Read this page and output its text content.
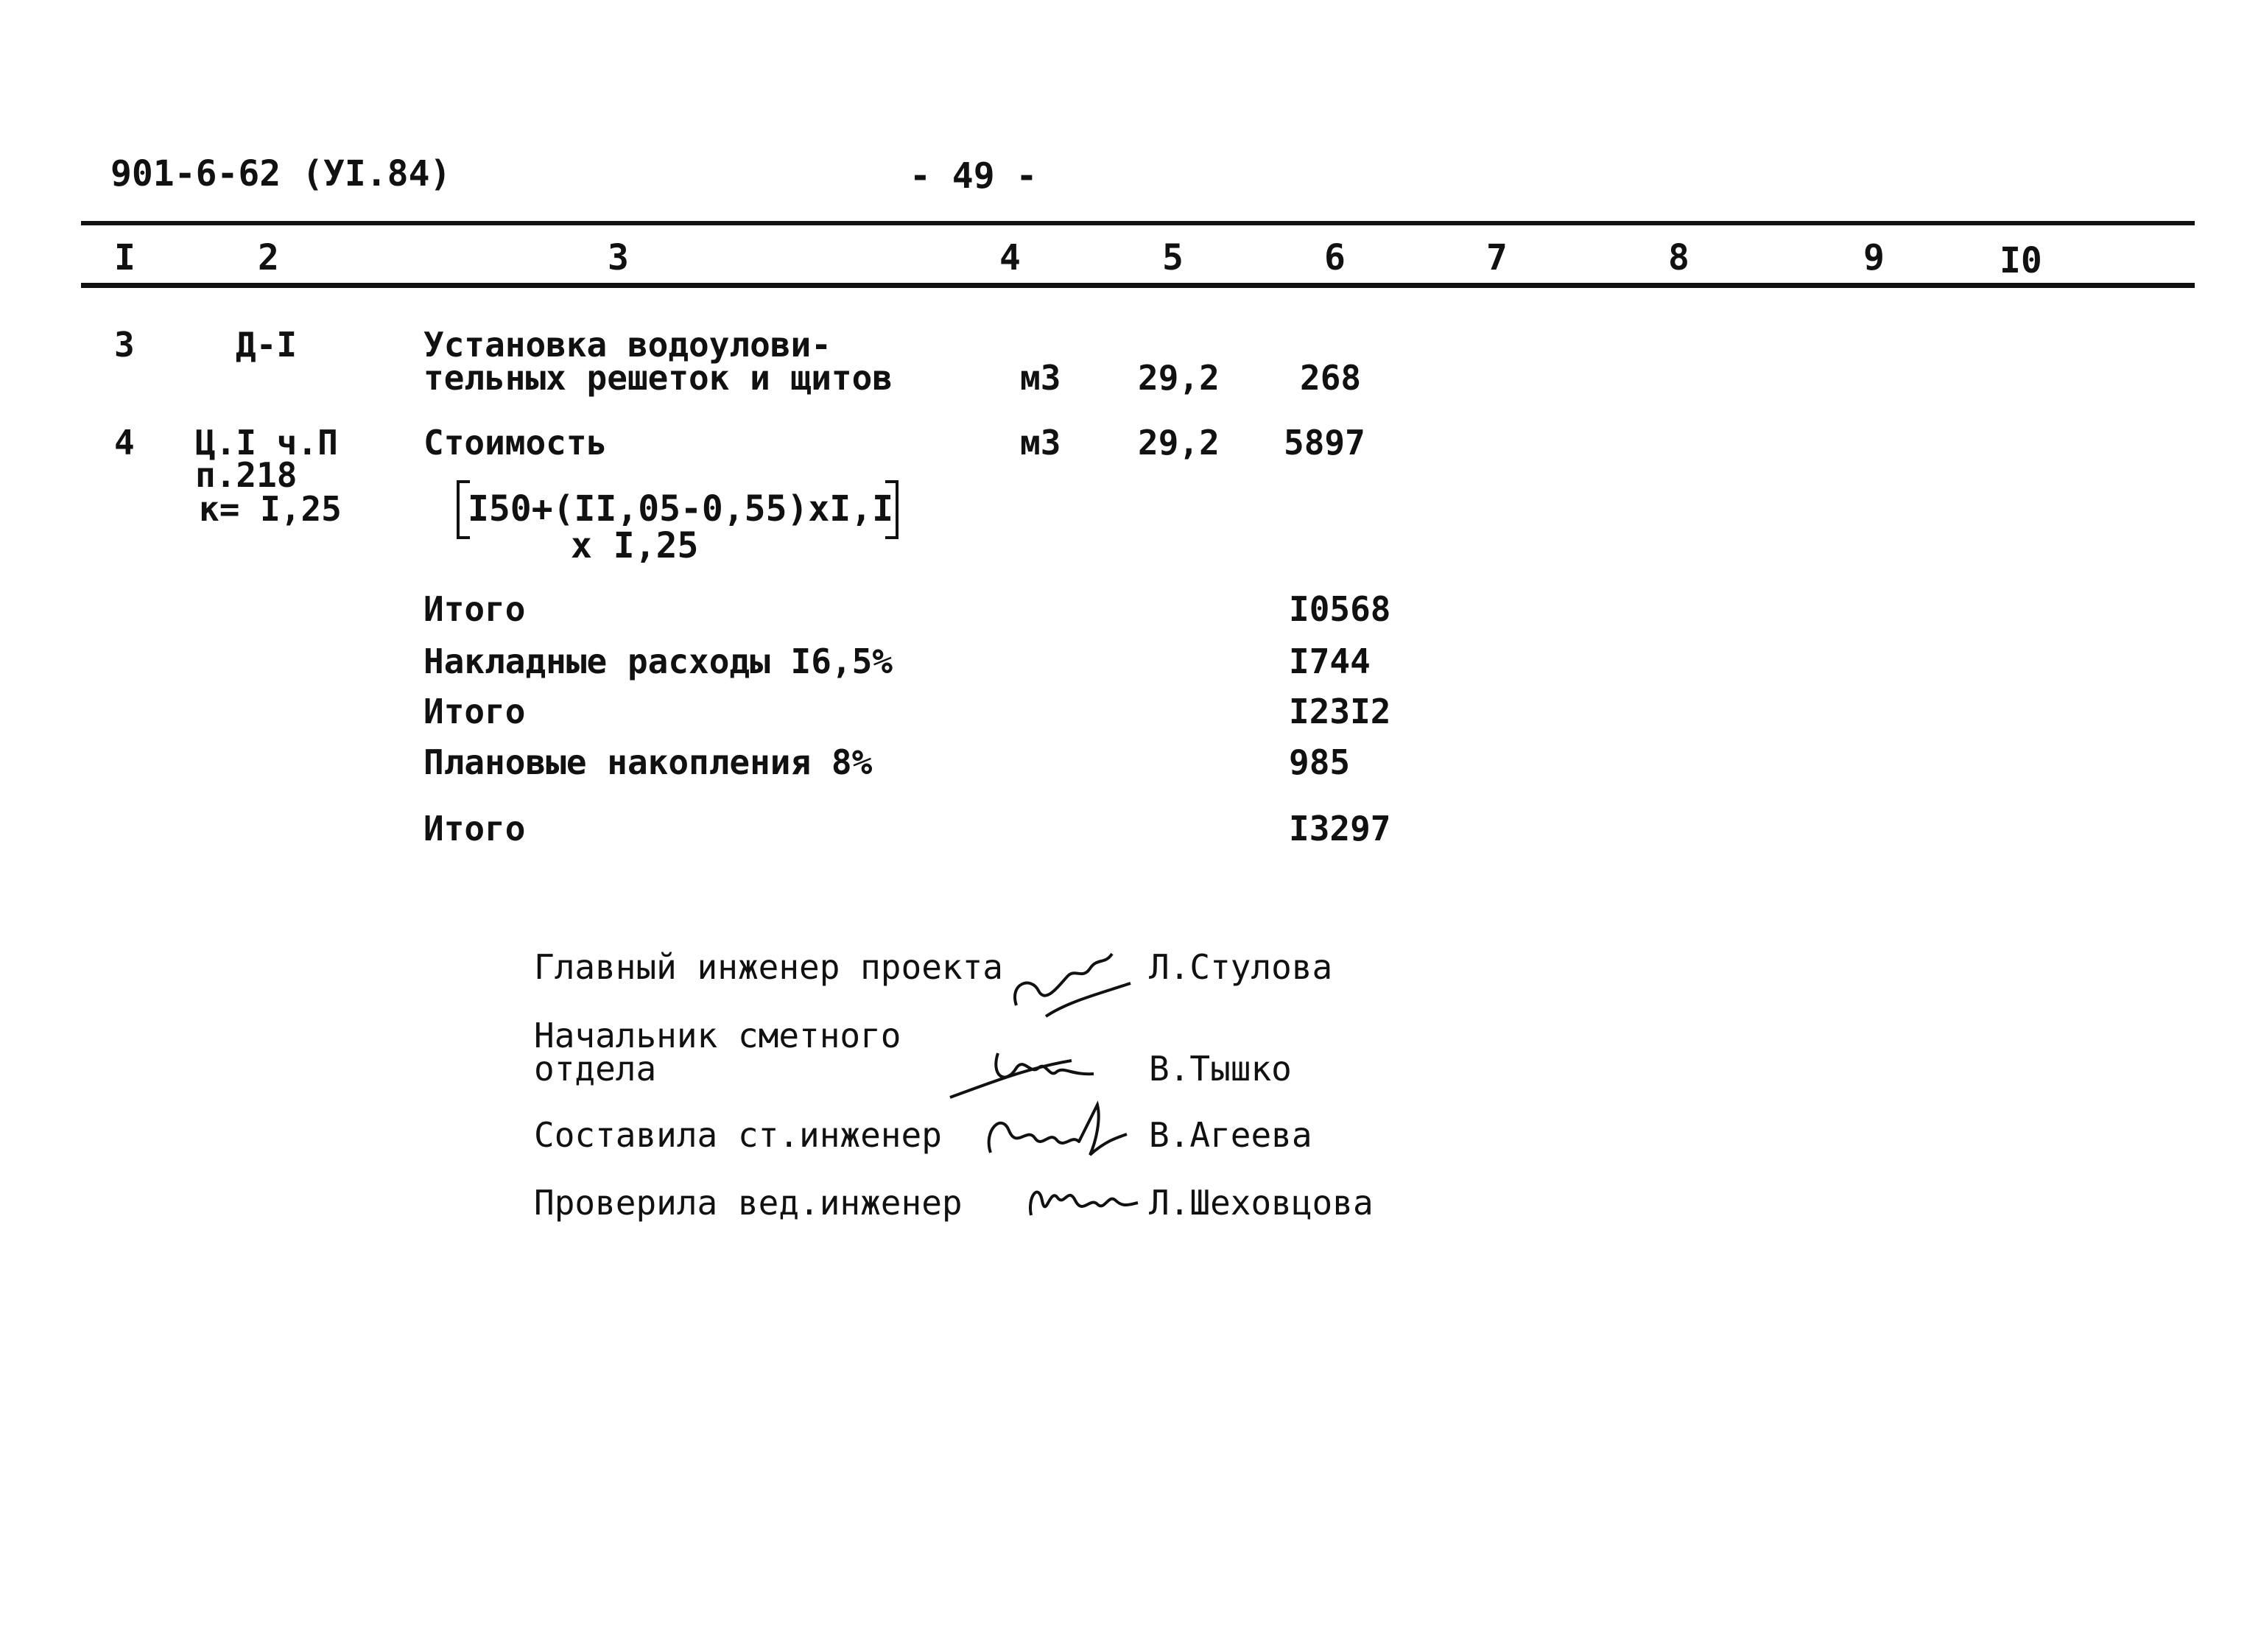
901-6-62 (УI.84)	- 49 -
I	2	3	4	5	6	7	8	9	I0
3	Д-I	Установка водоулови-
тельных решеток и щитов	м3 29,2 268
4 Ц.I ч.П
п.218
к= I,25
Стоимость	м3 29,2 5897
I50+(II,05-0,55)xI,I
x I,25
Итого	I0568
Накладные расходы I6,5%	I744
Итого	I23I2
Плановые накопления 8%	985
Итого	I3297
Главный инженер проекта	Л.Стулова
Начальник сметного
отдела	В.Тышко
Составила ст.инженер	В.Агеева
Проверила вед.инженер	Л.Шеховцова
